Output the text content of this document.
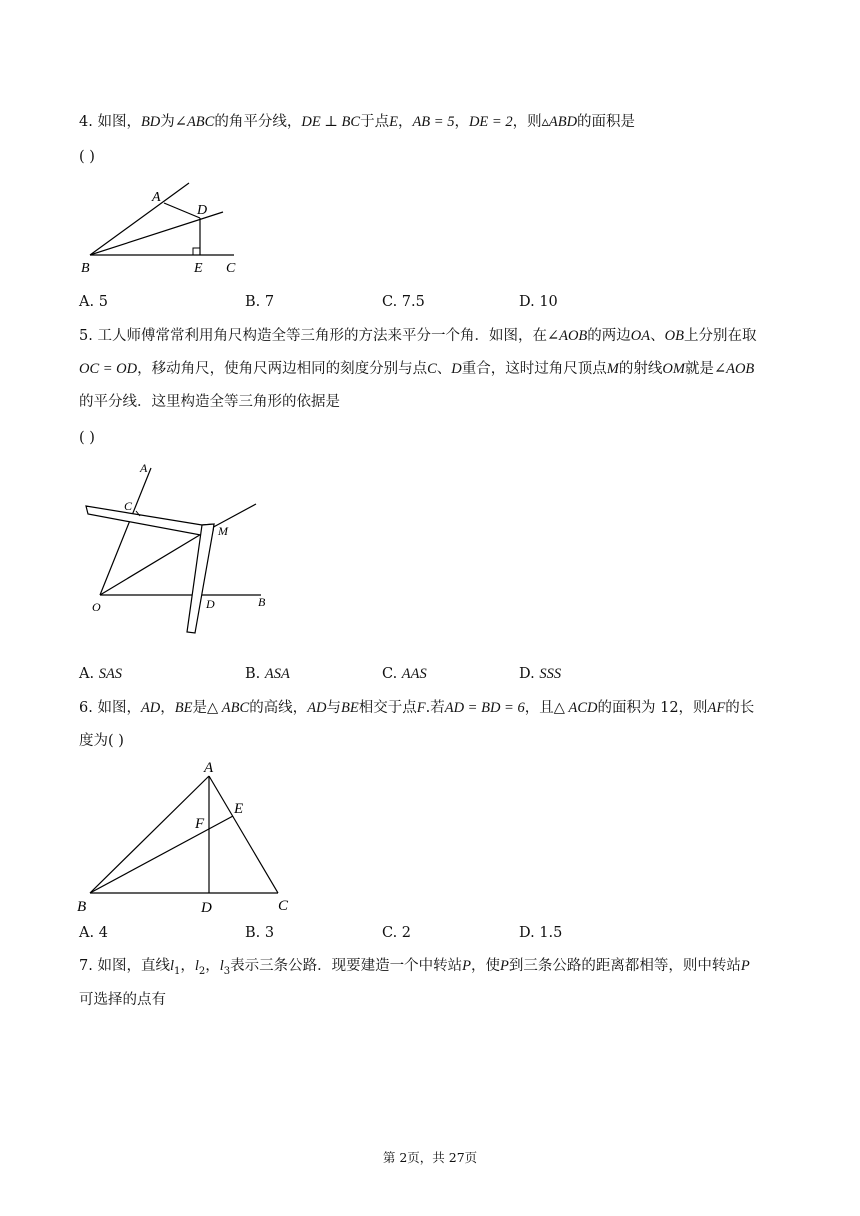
4. 如图，BD为∠ABC的角平分线，DE ⊥ BC于点E，AB = 5，DE = 2，则▵ABD的面积是
( )
A
D
B	E C
A. 5	B. 7	C. 7.5	D. 10
5. 工人师傅常常利用角尺构造全等三角形的方法来平分一个角．如图，在∠AOB的两边OA、OB上分别在取
OC = OD，移动角尺，使角尺两边相同的刻度分别与点C、D重合，这时过角尺顶点M的射线OM就是∠AOB
的平分线．这里构造全等三角形的依据是
( )
A
C
M
O	D	B
A. SAS	B. ASA	C. AAS	D. SSS
6. 如图，AD，BE是△ ABC的高线，AD与BE相交于点F.若AD = BD = 6，且△ ACD的面积为 12，则AF的长
度为( )
A
E
F
B	D	C
A. 4	B. 3	C. 2	D. 1.5
7. 如图，直线$l_1$，$l_2$，$l_3$表示三条公路．现要建造一个中转站P，使P到三条公路的距离都相等，则中转站P
可选择的点有
第 2页，共 27页
